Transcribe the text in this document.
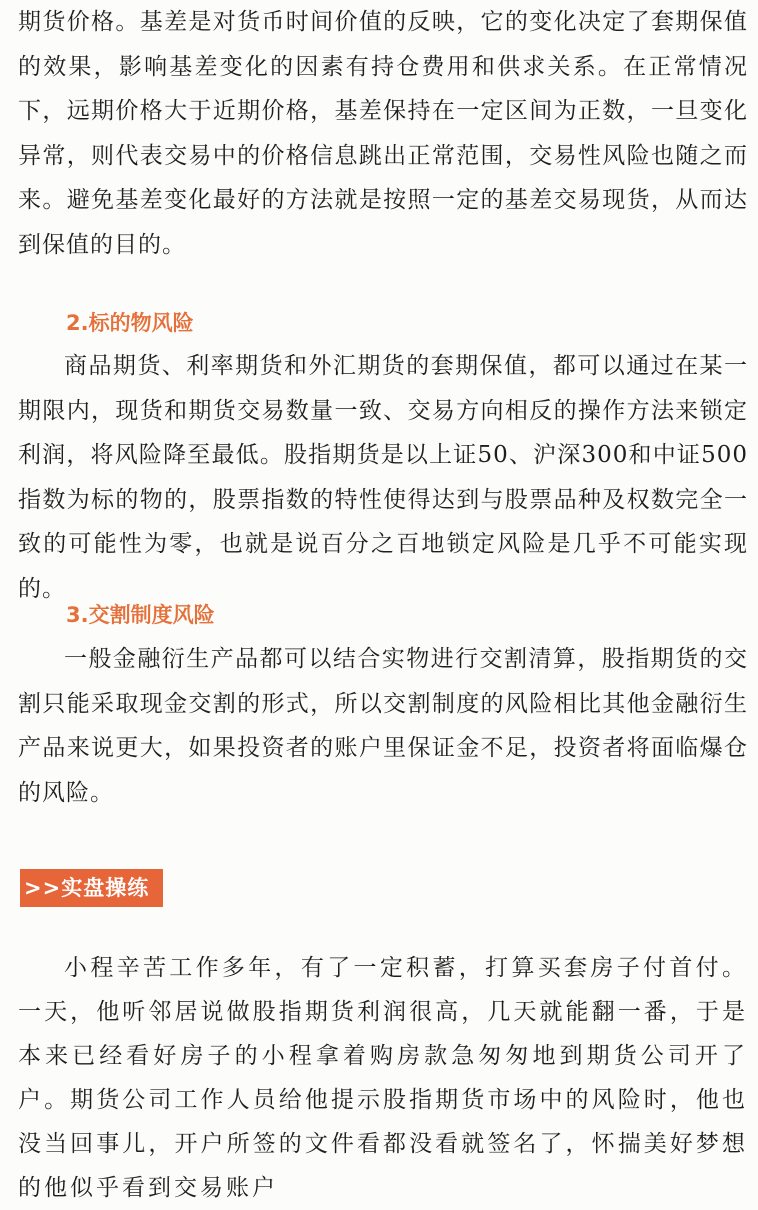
期货价格。基差是对货币时间价值的反映，它的变化决定了套期保值的效果，影响基差变化的因素有持仓费用和供求关系。在正常情况下，远期价格大于近期价格，基差保持在一定区间为正数，一旦变化异常，则代表交易中的价格信息跳出正常范围，交易性风险也随之而来。避免基差变化最好的方法就是按照一定的基差交易现货，从而达到保值的目的。

2.标的物风险

商品期货、利率期货和外汇期货的套期保值，都可以通过在某一期限内，现货和期货交易数量一致、交易方向相反的操作方法来锁定利润，将风险降至最低。股指期货是以上证50、沪深300和中证500指数为标的物的，股票指数的特性使得达到与股票品种及权数完全一致的可能性为零，也就是说百分之百地锁定风险是几乎不可能实现的。

3.交割制度风险

一般金融衍生产品都可以结合实物进行交割清算，股指期货的交割只能采取现金交割的形式，所以交割制度的风险相比其他金融衍生产品来说更大，如果投资者的账户里保证金不足，投资者将面临爆仓的风险。

>>实盘操练

小程辛苦工作多年，有了一定积蓄，打算买套房子付首付。一天，他听邻居说做股指期货利润很高，几天就能翻一番，于是本来已经看好房子的小程拿着购房款急匆匆地到期货公司开了户。期货公司工作人员给他提示股指期货市场中的风险时，他也没当回事儿，开户所签的文件看都没看就签名了，怀揣美好梦想的他似乎看到交易账户
